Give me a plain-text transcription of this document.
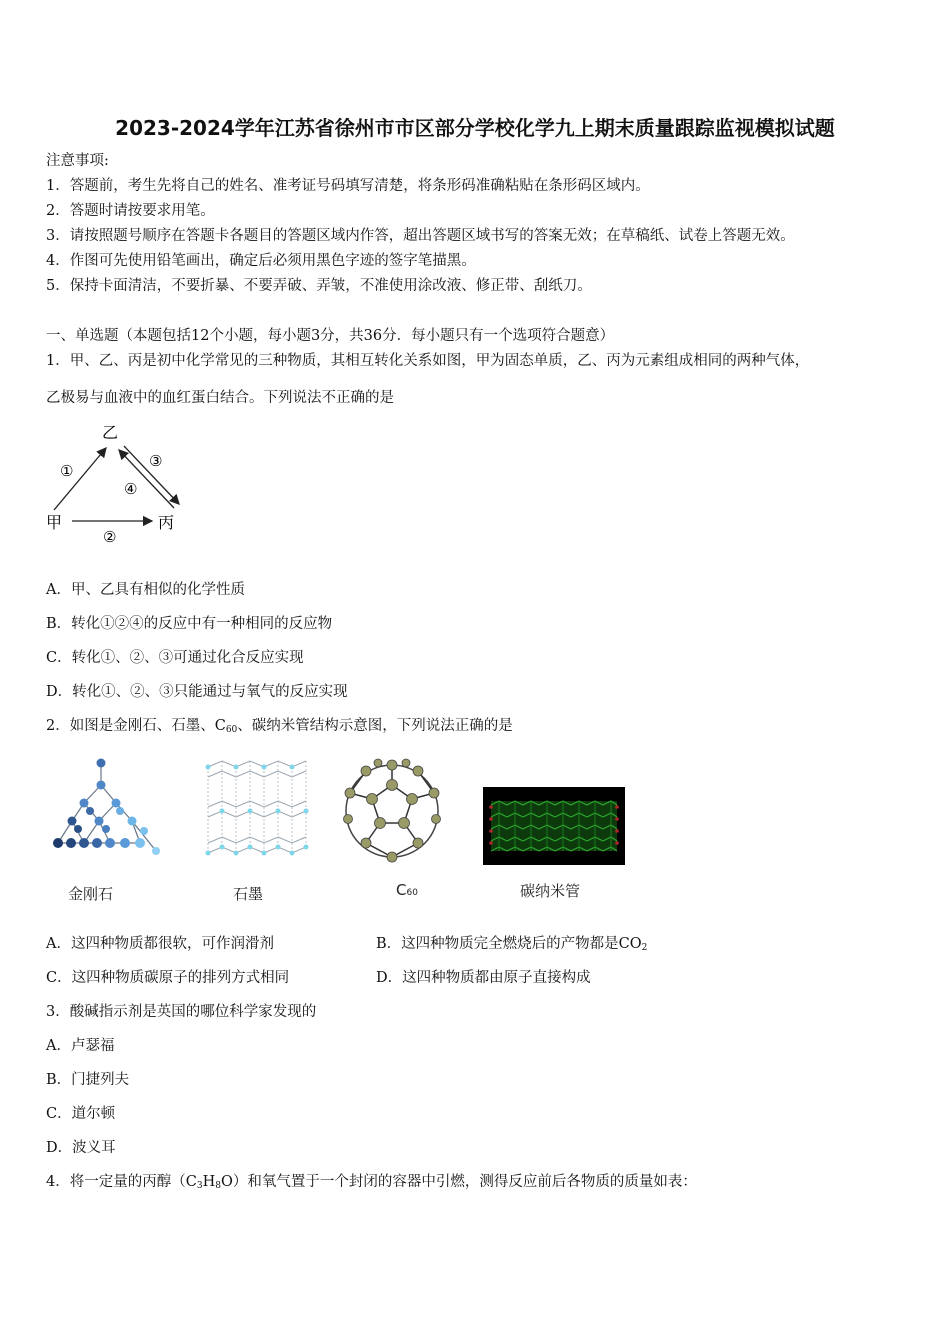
2023-2024学年江苏省徐州市市区部分学校化学九上期末质量跟踪监视模拟试题
注意事项:
1．答题前，考生先将自己的姓名、准考证号码填写清楚，将条形码准确粘贴在条形码区域内。
2．答题时请按要求用笔。
3．请按照题号顺序在答题卡各题目的答题区域内作答，超出答题区域书写的答案无效；在草稿纸、试卷上答题无效。
4．作图可先使用铅笔画出，确定后必须用黑色字迹的签字笔描黑。
5．保持卡面清洁，不要折暴、不要弄破、弄皱，不准使用涂改液、修正带、刮纸刀。
一、单选题（本题包括12个小题，每小题3分，共36分．每小题只有一个选项符合题意）
1．甲、乙、丙是初中化学常见的三种物质，其相互转化关系如图，甲为固态单质，乙、丙为元素组成相同的两种气体，
乙极易与血液中的血红蛋白结合。下列说法不正确的是
乙
甲	丙
①
③
④
②
A．甲、乙具有相似的化学性质
B．转化①②④的反应中有一种相同的反应物
C．转化①、②、③可通过化合反应实现
D．转化①、②、③只能通过与氧气的反应实现
2．如图是金刚石、石墨、$C_{60}$、碳纳米管结构示意图，下列说法正确的是
金刚石	石墨	C60	碳纳米管
A．这四种物质都很软，可作润滑剂	B．这四种物质完全燃烧后的产物都是$CO_2$
C．这四种物质碳原子的排列方式相同	D．这四种物质都由原子直接构成
3．酸碱指示剂是英国的哪位科学家发现的
A．卢瑟福
B．门捷列夫
C．道尔顿
D．波义耳
4．将一定量的丙醇$(C_3H_8O)$和氧气置于一个封闭的容器中引燃，测得反应前后各物质的质量如表：
